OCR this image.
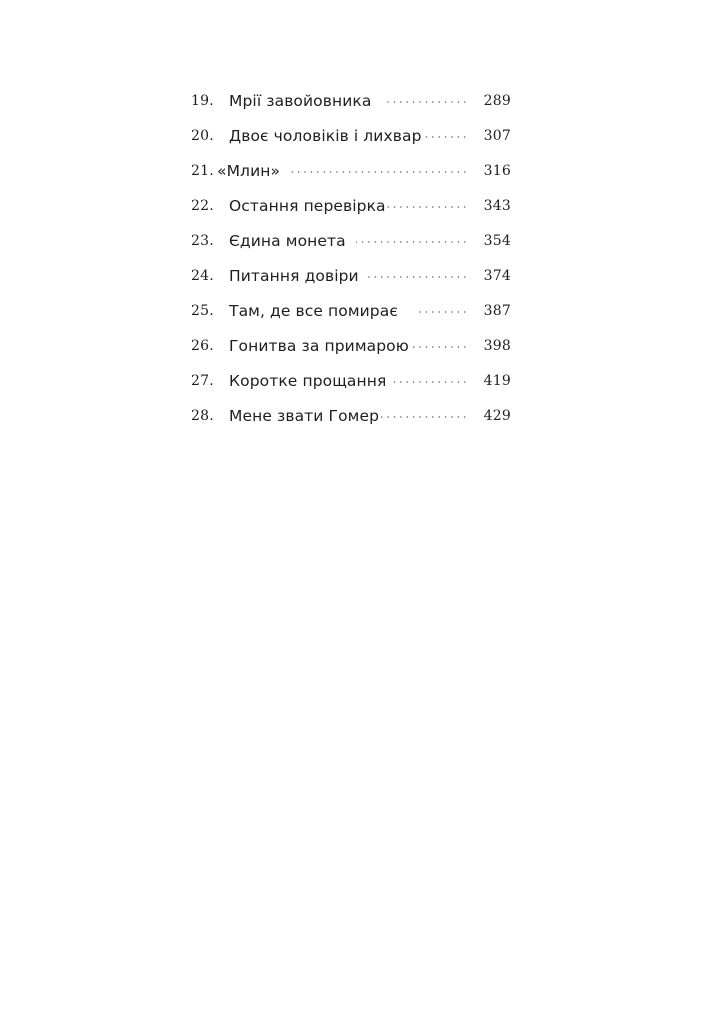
19. Мрії завойовника	289
20. Двоє чоловіків і лихвар	307
21. «Млин»	316
22. Остання перевірка	343
23. Єдина монета	354
24. Питання довіри	374
25. Там, де все помирає	387
26. Гонитва за примарою	398
27. Коротке прощання	419
28. Мене звати Гомер	429
